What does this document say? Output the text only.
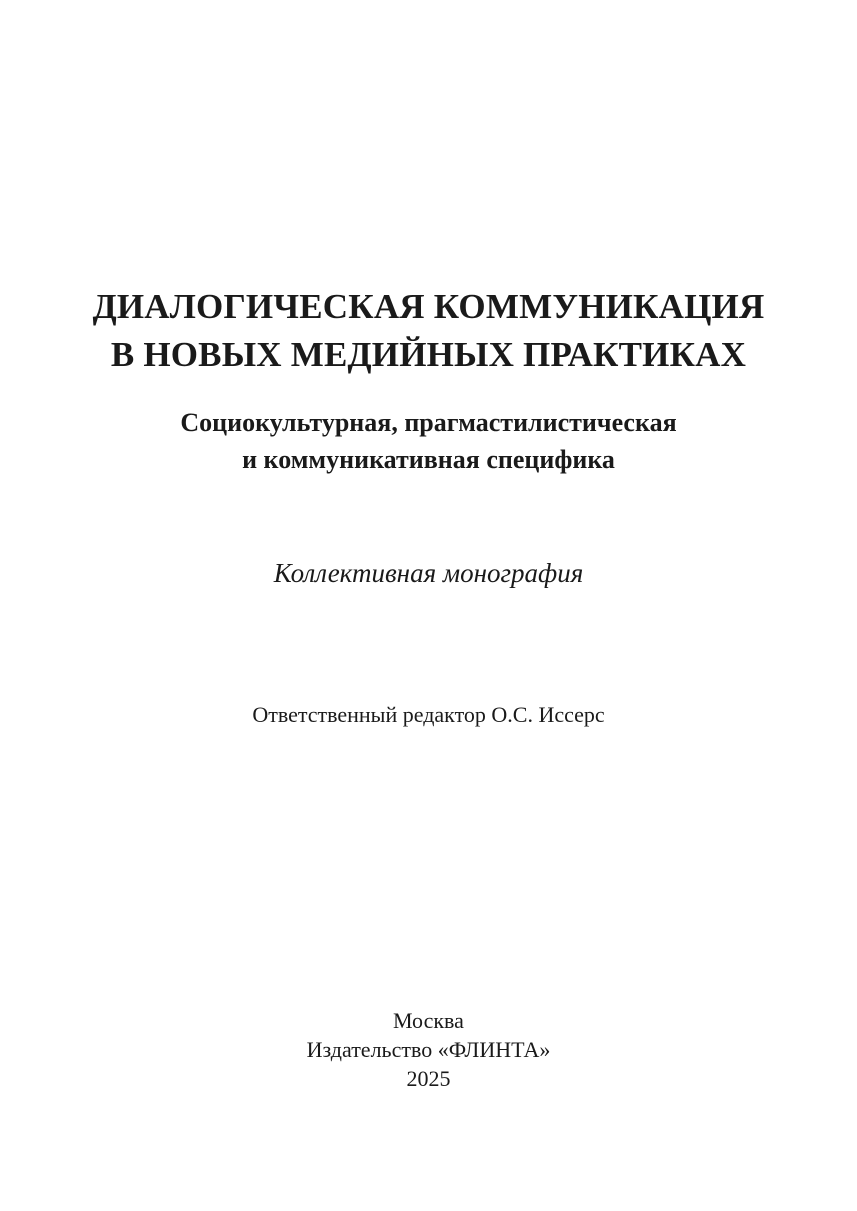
ДИАЛОГИЧЕСКАЯ КОММУНИКАЦИЯ
В НОВЫХ МЕДИЙНЫХ ПРАКТИКАХ
Социокультурная, прагмастилистическая
и коммуникативная специфика
Коллективная монография
Ответственный редактор О.С. Иссерс
Москва
Издательство «ФЛИНТА»
2025
